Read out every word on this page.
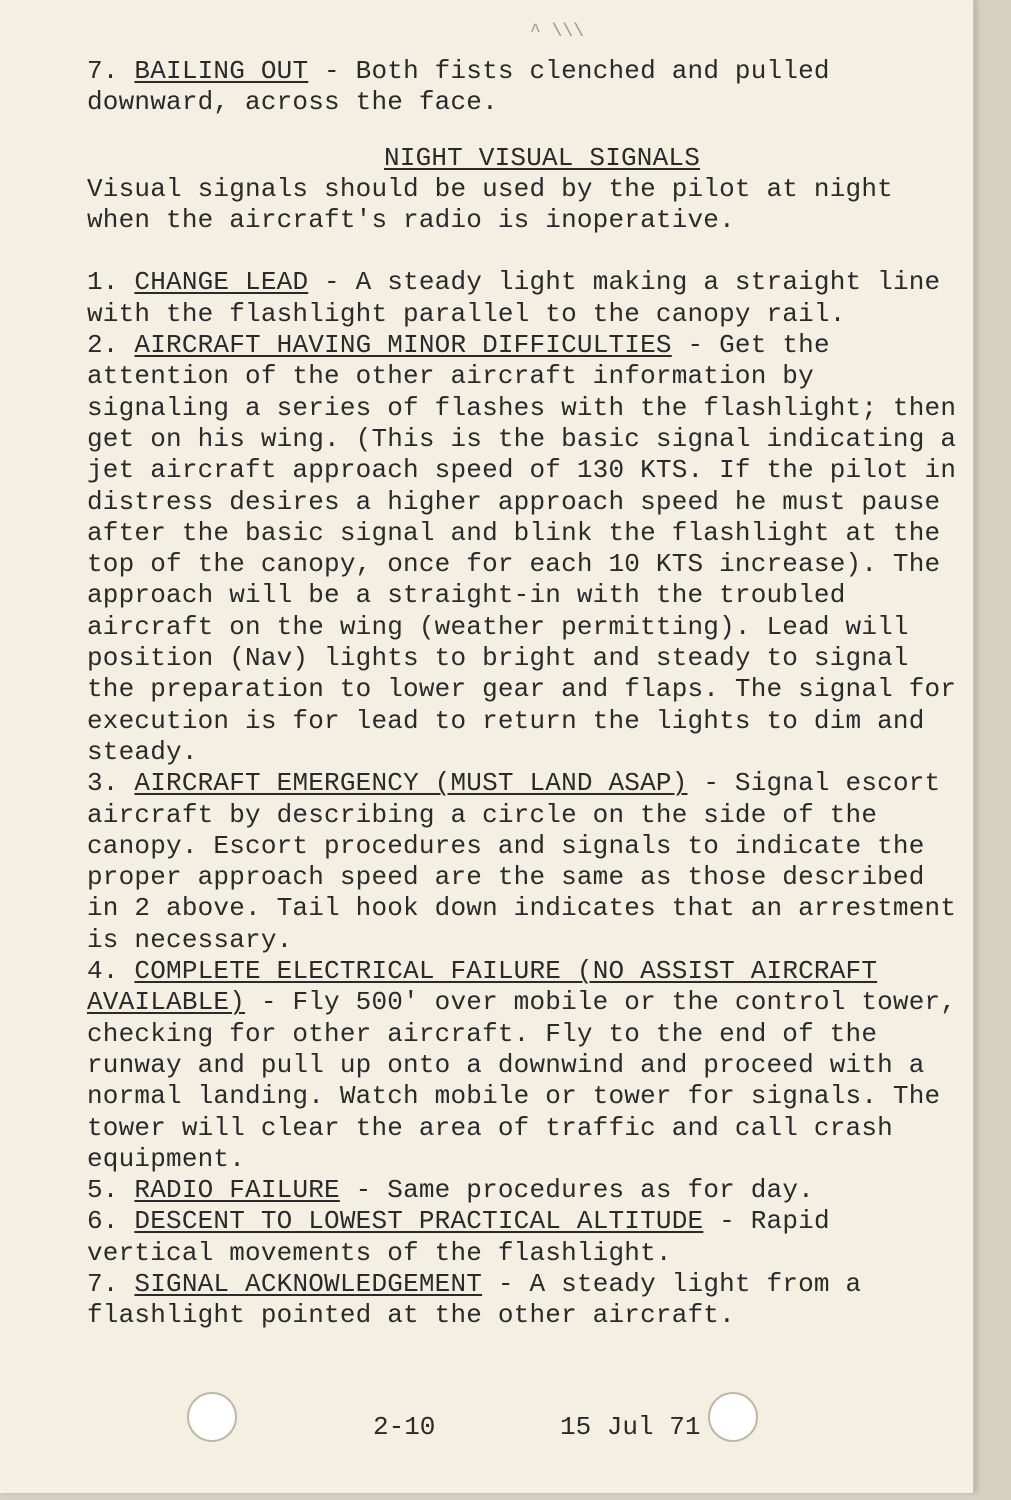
^ \\\

7. BAILING OUT - Both fists clenched and pulled downward, across the face.

NIGHT VISUAL SIGNALS

Visual signals should be used by the pilot at night when the aircraft's radio is inoperative.

1. CHANGE LEAD - A steady light making a straight line with the flashlight parallel to the canopy rail.

2. AIRCRAFT HAVING MINOR DIFFICULTIES - Get the attention of the other aircraft information by signaling a series of flashes with the flashlight; then get on his wing. (This is the basic signal indicating a jet aircraft approach speed of 130 KTS. If the pilot in distress desires a higher approach speed he must pause after the basic signal and blink the flashlight at the top of the canopy, once for each 10 KTS increase). The approach will be a straight-in with the troubled aircraft on the wing (weather permitting). Lead will position (Nav) lights to bright and steady to signal the preparation to lower gear and flaps. The signal for execution is for lead to return the lights to dim and steady.

3. AIRCRAFT EMERGENCY (MUST LAND ASAP) - Signal escort aircraft by describing a circle on the side of the canopy. Escort procedures and signals to indicate the proper approach speed are the same as those described in 2 above. Tail hook down indicates that an arrestment is necessary.

4. COMPLETE ELECTRICAL FAILURE (NO ASSIST AIRCRAFT AVAILABLE) - Fly 500' over mobile or the control tower, checking for other aircraft. Fly to the end of the runway and pull up onto a downwind and proceed with a normal landing. Watch mobile or tower for signals. The tower will clear the area of traffic and call crash equipment.

5. RADIO FAILURE - Same procedures as for day.

6. DESCENT TO LOWEST PRACTICAL ALTITUDE - Rapid vertical movements of the flashlight.

7. SIGNAL ACKNOWLEDGEMENT - A steady light from a flashlight pointed at the other aircraft.

2-10	15 Jul 71
